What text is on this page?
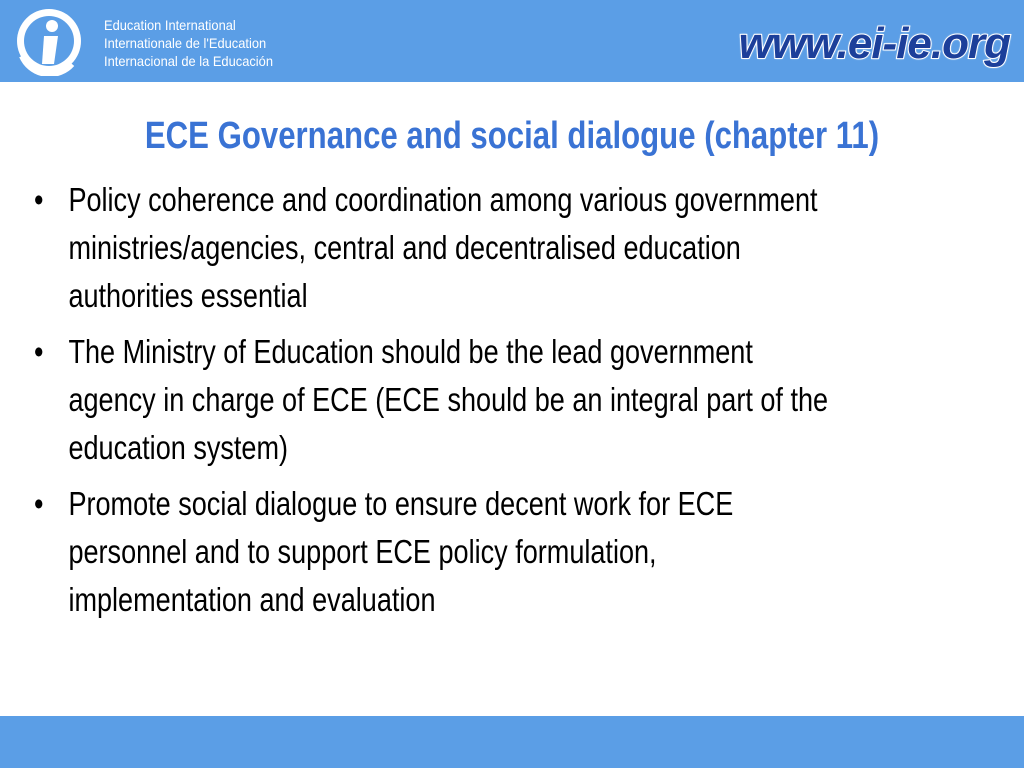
Education International
Internationale de l'Education
Internacional de la Educación	www.ei-ie.org
ECE Governance and social dialogue (chapter 11)
• Policy coherence and coordination among various government
ministries/agencies, central and decentralised education
authorities essential
• The Ministry of Education should be the lead government
agency in charge of ECE (ECE should be an integral part of the
education system)
• Promote social dialogue to ensure decent work for ECE
personnel and to support ECE policy formulation,
implementation and evaluation
